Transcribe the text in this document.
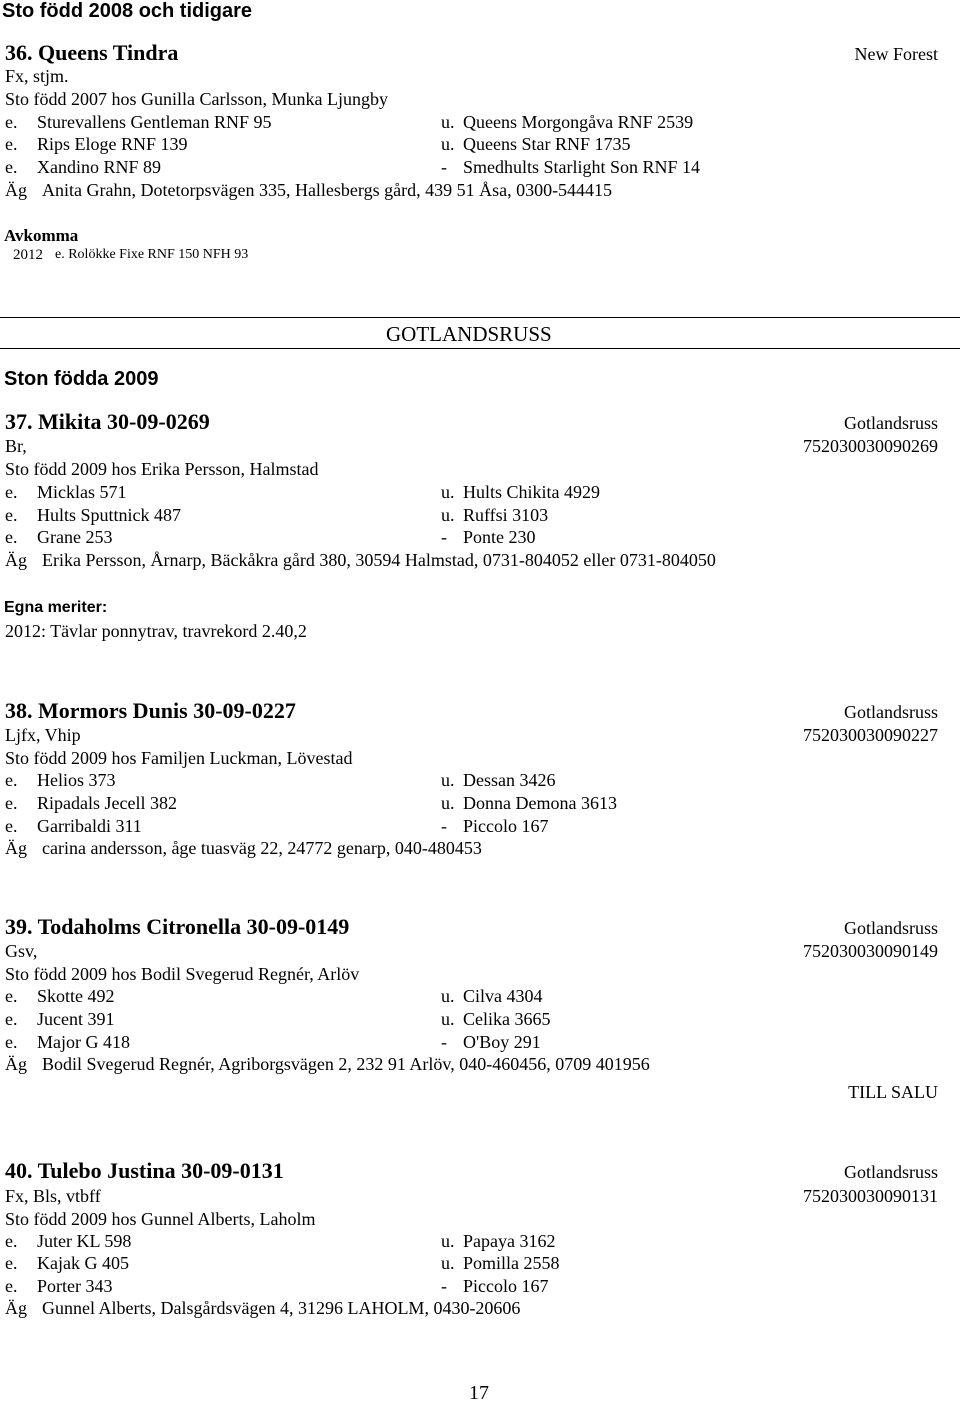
Sto född 2008 och tidigare
36. Queens Tindra	New Forest
Fx, stjm.
Sto född 2007 hos Gunilla Carlsson, Munka Ljungby
e. Sturevallens Gentleman RNF 95	u. Queens Morgongåva RNF 2539
e. Rips Eloge RNF 139	u. Queens Star RNF 1735
e. Xandino RNF 89	- Smedhults Starlight Son RNF 14
Äg Anita Grahn, Dotetorpsvägen 335, Hallesbergs gård, 439 51 Åsa, 0300-544415
Avkomma
2012 e. Rolökke Fixe RNF 150 NFH 93
GOTLANDSRUSS
Ston födda 2009
37. Mikita 30-09-0269	Gotlandsruss
Br,	752030030090269
Sto född 2009 hos Erika Persson, Halmstad
e. Micklas 571	u. Hults Chikita 4929
e. Hults Sputtnick 487	u. Ruffsi 3103
e. Grane 253	- Ponte 230
Äg Erika Persson, Årnarp, Bäckåkra gård 380, 30594 Halmstad, 0731-804052 eller 0731-804050
Egna meriter:
2012: Tävlar ponnytrav, travrekord 2.40,2
38. Mormors Dunis 30-09-0227	Gotlandsruss
Ljfx, Vhip	752030030090227
Sto född 2009 hos Familjen Luckman, Lövestad
e. Helios 373	u. Dessan 3426
e. Ripadals Jecell 382	u. Donna Demona 3613
e. Garribaldi 311	- Piccolo 167
Äg carina andersson, åge tuasväg 22, 24772 genarp, 040-480453
39. Todaholms Citronella 30-09-0149	Gotlandsruss
Gsv,	752030030090149
Sto född 2009 hos Bodil Svegerud Regnér, Arlöv
e. Skotte 492	u. Cilva 4304
e. Jucent 391	u. Celika 3665
e. Major G 418	- O'Boy 291
Äg Bodil Svegerud Regnér, Agriborgsvägen 2, 232 91 Arlöv, 040-460456, 0709 401956
TILL SALU
40. Tulebo Justina 30-09-0131	Gotlandsruss
Fx, Bls, vtbff	752030030090131
Sto född 2009 hos Gunnel Alberts, Laholm
e. Juter KL 598	u. Papaya 3162
e. Kajak G 405	u. Pomilla 2558
e. Porter 343	- Piccolo 167
Äg Gunnel Alberts, Dalsgårdsvägen 4, 31296 LAHOLM, 0430-20606
17
